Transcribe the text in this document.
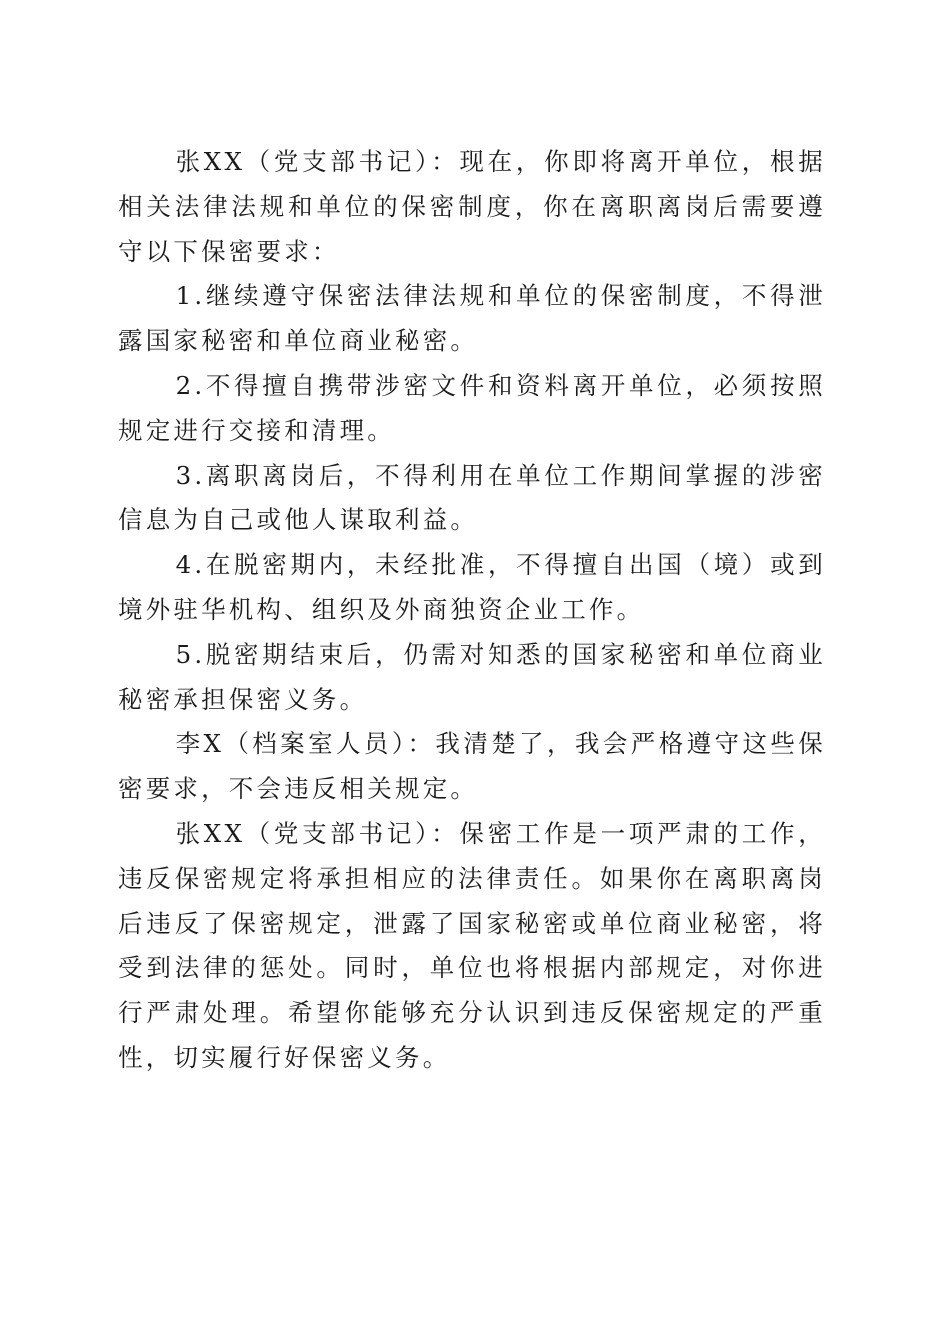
张XX（党支部书记）：现在，你即将离开单位，根据相关法律法规和单位的保密制度，你在离职离岗后需要遵守以下保密要求：

1.继续遵守保密法律法规和单位的保密制度，不得泄露国家秘密和单位商业秘密。

2.不得擅自携带涉密文件和资料离开单位，必须按照规定进行交接和清理。

3.离职离岗后，不得利用在单位工作期间掌握的涉密信息为自己或他人谋取利益。

4.在脱密期内，未经批准，不得擅自出国（境）或到境外驻华机构、组织及外商独资企业工作。

5.脱密期结束后，仍需对知悉的国家秘密和单位商业秘密承担保密义务。

李X（档案室人员）：我清楚了，我会严格遵守这些保密要求，不会违反相关规定。

张XX（党支部书记）：保密工作是一项严肃的工作，违反保密规定将承担相应的法律责任。如果你在离职离岗后违反了保密规定，泄露了国家秘密或单位商业秘密，将受到法律的惩处。同时，单位也将根据内部规定，对你进行严肃处理。希望你能够充分认识到违反保密规定的严重性，切实履行好保密义务。
